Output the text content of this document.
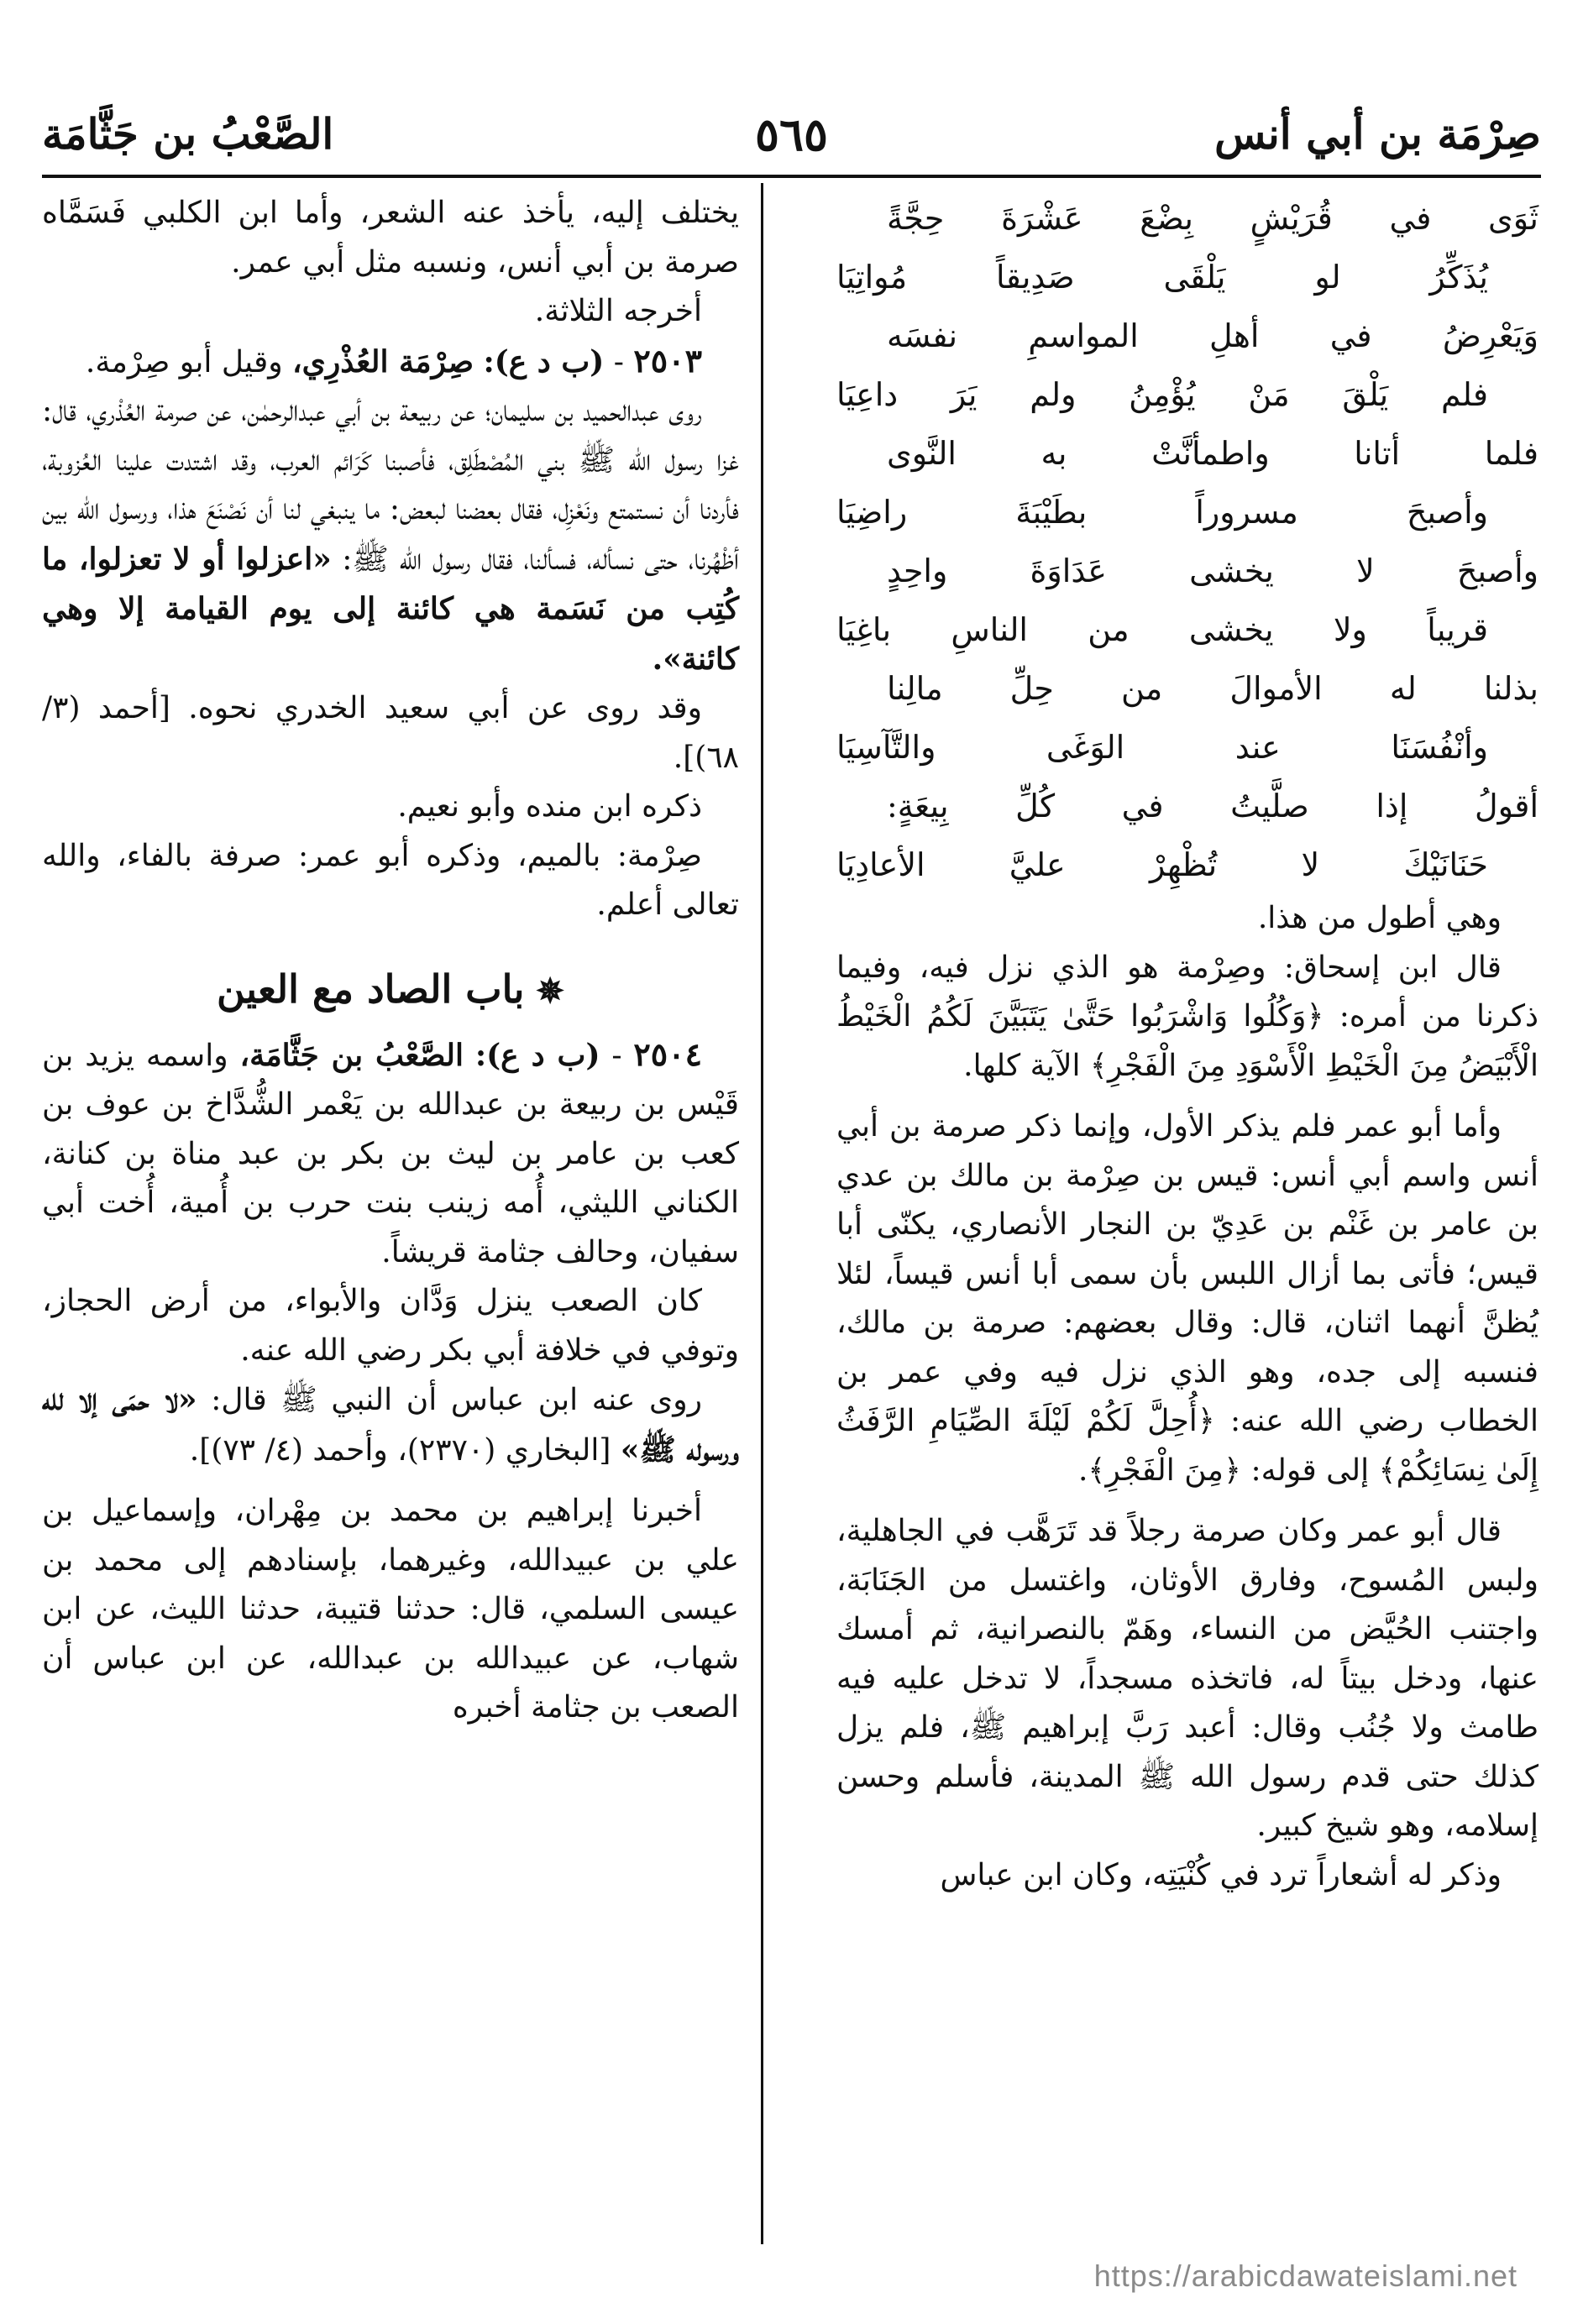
صِرْمَة بن أبي أنس
٥٦٥
الصَّعْبُ بن جَثَّامَة
ثَوَى في قُرَيْشٍ بِضْعَ عَشْرَةَ حِجَّةً
يُذَكِّرُ لو يَلْقَى صَدِيقاً مُواتِيَا
وَيَعْرِضُ في أهلِ المواسمِ نفسَه
فلم يَلْقَ مَنْ يُؤْمِنُ ولم يَرَ داعِيَا
فلما أتانا واطمأنَّتْ به النَّوى
وأصبحَ مسروراً بطَيْبَةَ راضِيَا
وأصبحَ لا يخشى عَدَاوَةَ واحِدٍ
قريباً ولا يخشى من الناسِ باغِيَا
بذلنا له الأموالَ من حِلِّ مالِنا
وأنْفُسَنَا عند الوَغَى والتَّآسِيَا
أقولُ إذا صلَّيتُ في كُلِّ بِيعَةٍ:
حَنَانَيْكَ لا تُظْهِرْ عليَّ الأعادِيَا

وهي أطول من هذا.

قال ابن إسحاق: وصِرْمة هو الذي نزل فيه، وفيما ذكرنا من أمره: ﴿وَكُلُوا وَاشْرَبُوا حَتَّىٰ يَتَبَيَّنَ لَكُمُ الْخَيْطُ الْأَبْيَضُ مِنَ الْخَيْطِ الْأَسْوَدِ مِنَ الْفَجْرِ﴾ الآية كلها.

وأما أبو عمر فلم يذكر الأول، وإنما ذكر صرمة بن أبي أنس واسم أبي أنس: قيس بن صِرْمة بن مالك بن عدي بن عامر بن غَنْم بن عَدِيّ بن النجار الأنصاري، يكنّى أبا قيس؛ فأتى بما أزال اللبس بأن سمى أبا أنس قيساً، لئلا يُظنَّ أنهما اثنان، قال: وقال بعضهم: صرمة بن مالك، فنسبه إلى جده، وهو الذي نزل فيه وفي عمر بن الخطاب رضي الله عنه: ﴿أُحِلَّ لَكُمْ لَيْلَةَ الصِّيَامِ الرَّفَثُ إِلَىٰ نِسَائِكُمْ﴾ إلى قوله: ﴿مِنَ الْفَجْرِ﴾.

قال أبو عمر وكان صرمة رجلاً قد تَرَهَّب في الجاهلية، ولبس المُسوح، وفارق الأوثان، واغتسل من الجَنَابَة، واجتنب الحُيَّض من النساء، وهَمّ بالنصرانية، ثم أمسك عنها، ودخل بيتاً له، فاتخذه مسجداً، لا تدخل عليه فيه طامث ولا جُنُب وقال: أعبد رَبَّ إبراهيم ﷺ، فلم يزل كذلك حتى قدم رسول الله ﷺ المدينة، فأسلم وحسن إسلامه، وهو شيخ كبير.

وذكر له أشعاراً ترد في كُنْيَتِه، وكان ابن عباس

يختلف إليه، يأخذ عنه الشعر، وأما ابن الكلبي فَسَمَّاه صرمة بن أبي أنس، ونسبه مثل أبي عمر.

أخرجه الثلاثة.

٢٥٠٣ - (ب د ع): صِرْمَة العُذْرِي، وقيل أبو صِرْمة.

روى عبدالحميد بن سليمان؛ عن ربيعة بن أبي عبدالرحمٰن، عن صرمة العُذْري، قال: غزا رسول الله ﷺ بني المُصْطَلِق، فأصبنا كَرَائم العرب، وقد اشتدت علينا العُزوبة، فأردنا أن نستمتع ونَعْزِل، فقال بعضنا لبعض: ما ينبغي لنا أن نَصْنَعَ هذا، ورسول الله بين أظْهُرنا، حتى نسأله، فسألنا، فقال رسول الله ﷺ: «اعزلوا أو لا تعزلوا، ما كُتِب من نَسَمة هي كائنة إلى يوم القيامة إلا وهي كائنة».

وقد روى عن أبي سعيد الخدري نحوه. [أحمد (٣/ ٦٨)].

ذكره ابن منده وأبو نعيم.

صِرْمة: بالميم، وذكره أبو عمر: صرفة بالفاء، والله تعالى أعلم.

✵باب الصاد مع العين

٢٥٠٤ - (ب د ع): الصَّعْبُ بن جَثَّامَة، واسمه يزيد بن قَيْس بن ربيعة بن عبدالله بن يَعْمر الشُّدَّاخ بن عوف بن كعب بن عامر بن ليث بن بكر بن عبد مناة بن كنانة، الكناني الليثي، أُمه زينب بنت حرب بن أُمية، أُخت أبي سفيان، وحالف جثامة قريشاً.

كان الصعب ينزل وَدَّان والأبواء، من أرض الحجاز، وتوفي في خلافة أبي بكر رضي الله عنه.

روى عنه ابن عباس أن النبي ﷺ قال: «لا حمَى إلا لله ورسوله ﷺ» [البخاري (٢٣٧٠)، وأحمد (٤/ ٧٣)].

أخبرنا إبراهيم بن محمد بن مِهْران، وإسماعيل بن علي بن عبيدالله، وغيرهما، بإسنادهم إلى محمد بن عيسى السلمي، قال: حدثنا قتيبة، حدثنا الليث، عن ابن شهاب، عن عبيدالله بن عبدالله، عن ابن عباس أن الصعب بن جثامة أخبره

https://arabicdawateislami.net
